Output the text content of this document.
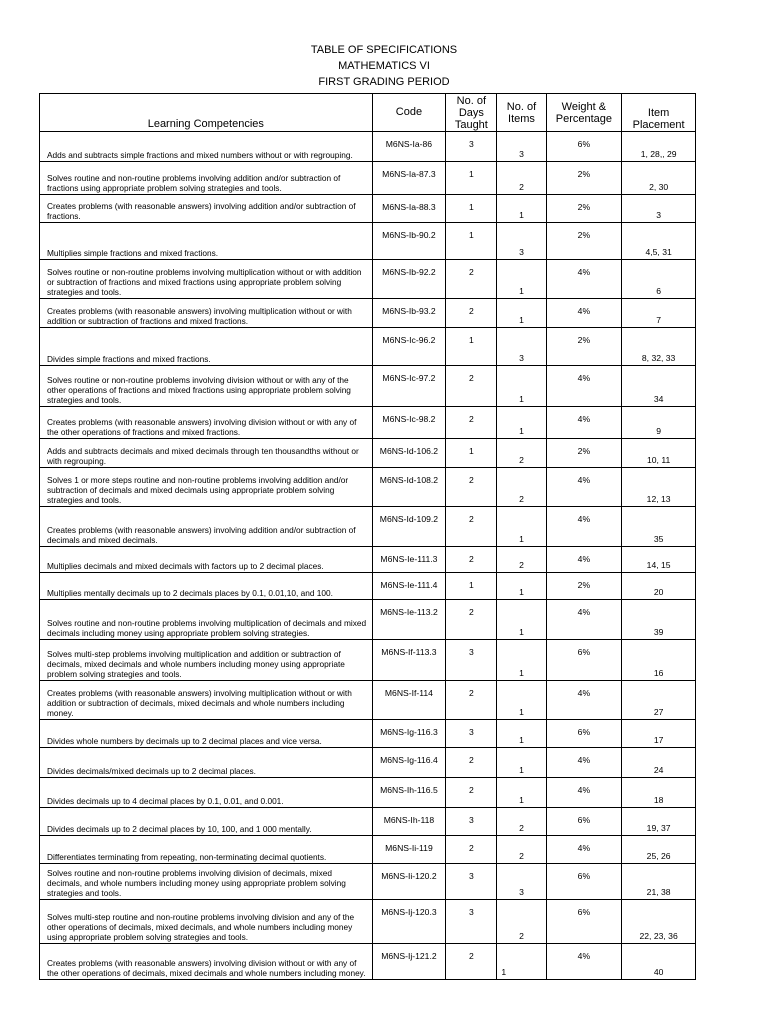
TABLE OF SPECIFICATIONS
MATHEMATICS VI
FIRST GRADING PERIOD
Learning Competencies	Code	No. of Days Taught	No. of Items	Weight & Percentage	Item Placement

Adds and subtracts simple fractions and mixed numbers without or with regrouping.	M6NS-Ia-86	3	3	6%	1, 28,, 29

Solves routine and non-routine problems involving addition and/or subtraction of fractions using appropriate problem solving strategies and tools.	M6NS-Ia-87.3	1	2	2%	2, 30

Creates problems (with reasonable answers) involving addition and/or subtraction of fractions.	M6NS-Ia-88.3	1	1	2%	3

Multiplies simple fractions and mixed fractions.	M6NS-Ib-90.2	1	3	2%	4,5, 31

Solves routine or non-routine problems involving multiplication without or with addition or subtraction of fractions and mixed fractions using appropriate problem solving strategies and tools.	M6NS-Ib-92.2	2	1	4%	6

Creates problems (with reasonable answers) involving multiplication without or with addition or subtraction of fractions and mixed fractions.	M6NS-Ib-93.2	2	1	4%	7

Divides simple fractions and mixed fractions.	M6NS-Ic-96.2	1	3	2%	8, 32, 33

Solves routine or non-routine problems involving division without or with any of the other operations of fractions and mixed fractions using appropriate problem solving strategies and tools.	M6NS-Ic-97.2	2	1	4%	34

Creates problems (with reasonable answers) involving division without or with any of the other operations of fractions and mixed fractions.	M6NS-Ic-98.2	2	1	4%	9

Adds and subtracts decimals and mixed decimals through ten thousandths without or with regrouping.	M6NS-Id-106.2	1	2	2%	10, 11

Solves 1 or more steps routine and non-routine problems involving addition and/or subtraction of decimals and mixed decimals using appropriate problem solving strategies and tools.	M6NS-Id-108.2	2	2	4%	12, 13

Creates problems (with reasonable answers) involving addition and/or subtraction of decimals and mixed decimals.	M6NS-Id-109.2	2	1	4%	35

Multiplies decimals and mixed decimals with factors up to 2 decimal places.	M6NS-Ie-111.3	2	2	4%	14, 15

Multiplies mentally decimals up to 2 decimals places by 0.1, 0.01,10, and 100.	M6NS-Ie-111.4	1	1	2%	20

Solves routine and non-routine problems involving multiplication of decimals and mixed decimals including money using appropriate problem solving strategies.	M6NS-Ie-113.2	2	1	4%	39

Solves multi-step problems involving multiplication and addition or subtraction of decimals, mixed decimals and whole numbers including money using appropriate problem solving strategies and tools.	M6NS-If-113.3	3	1	6%	16

Creates problems (with reasonable answers) involving multiplication without or with addition or subtraction of decimals, mixed decimals and whole numbers including money.	M6NS-If-114	2	1	4%	27

Divides whole numbers by decimals up to 2 decimal places and vice versa.	M6NS-Ig-116.3	3	1	6%	17

Divides decimals/mixed decimals up to 2 decimal places.	M6NS-Ig-116.4	2	1	4%	24

Divides decimals up to 4 decimal places by 0.1, 0.01, and 0.001.	M6NS-Ih-116.5	2	1	4%	18

Divides decimals up to 2 decimal places by 10, 100, and 1 000 mentally.	M6NS-Ih-118	3	2	6%	19, 37

Differentiates terminating from repeating, non-terminating decimal quotients.	M6NS-Ii-119	2	2	4%	25, 26

Solves routine and non-routine problems involving division of decimals, mixed decimals, and whole numbers including money using appropriate problem solving strategies and tools.	M6NS-Ii-120.2	3	3	6%	21, 38

Solves multi-step routine and non-routine problems involving division and any of the other operations of decimals, mixed decimals, and whole numbers including money using appropriate problem solving strategies and tools.	M6NS-Ij-120.3	3	2	6%	22, 23, 36

Creates problems (with reasonable answers) involving division without or with any of the other operations of decimals, mixed decimals and whole numbers including money.	M6NS-Ij-121.2	2	1	4%	40
